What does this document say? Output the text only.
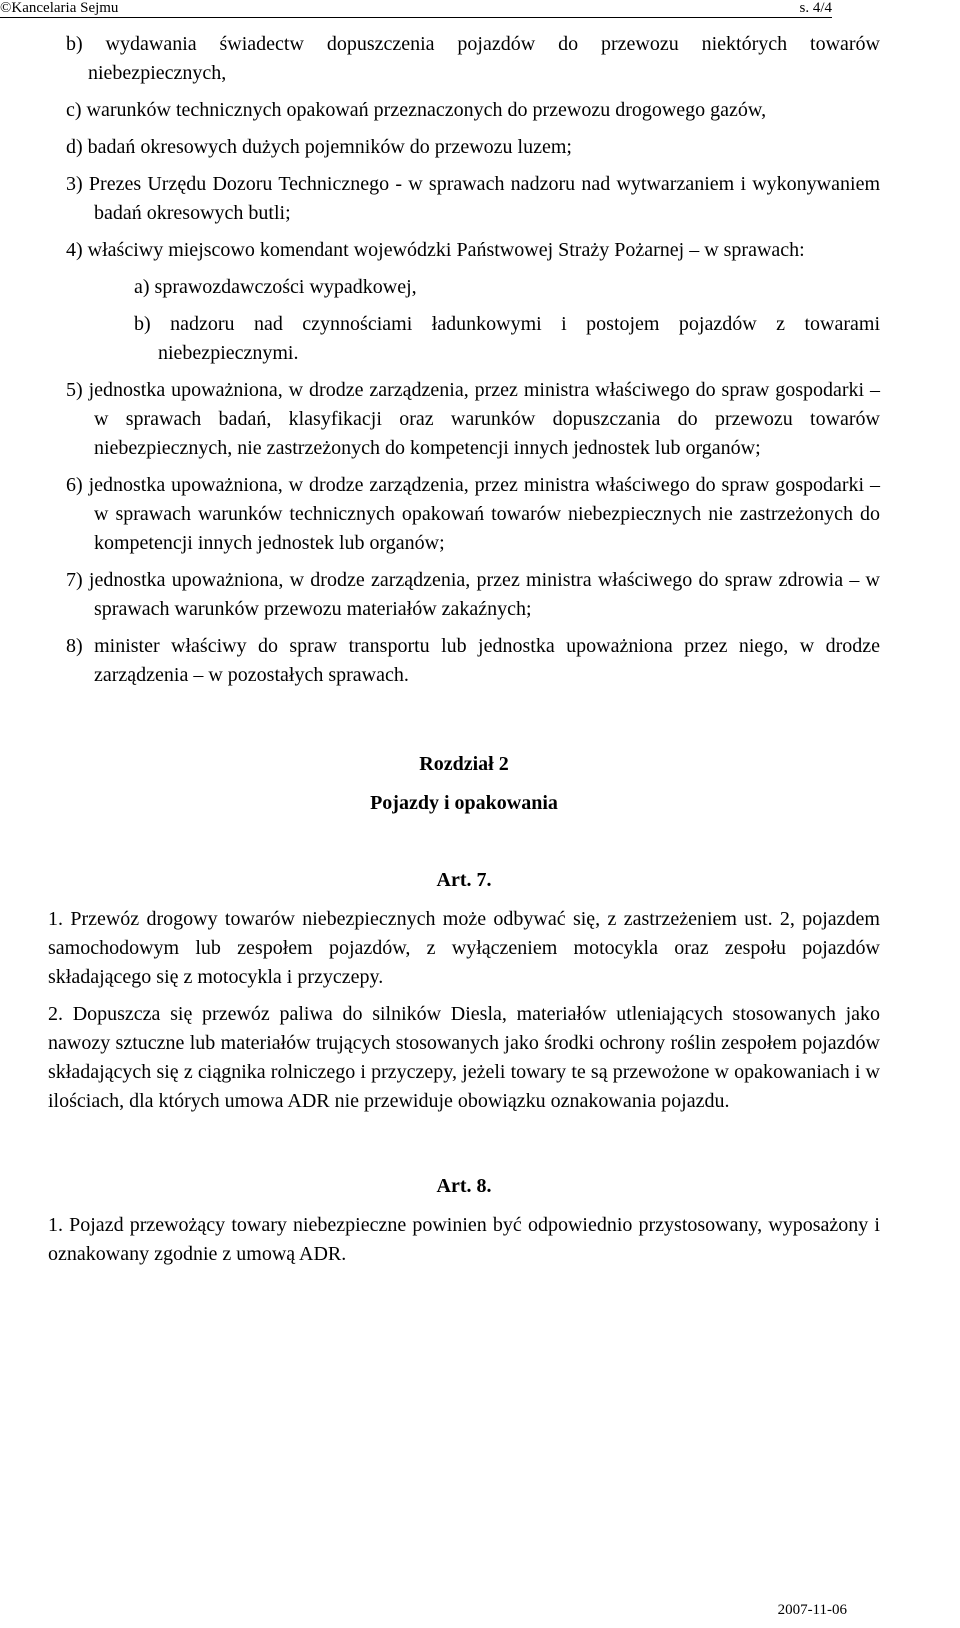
©Kancelaria Sejmu	s. 4/4

b) wydawania świadectw dopuszczenia pojazdów do przewozu niektórych towarów niebezpiecznych,

c) warunków technicznych opakowań przeznaczonych do przewozu drogowego gazów,

d) badań okresowych dużych pojemników do przewozu luzem;

3) Prezes Urzędu Dozoru Technicznego - w sprawach nadzoru nad wytwarzaniem i wykonywaniem badań okresowych butli;

4) właściwy miejscowo komendant wojewódzki Państwowej Straży Pożarnej – w sprawach:

a) sprawozdawczości wypadkowej,

b) nadzoru nad czynnościami ładunkowymi i postojem pojazdów z towarami niebezpiecznymi.

5) jednostka upoważniona, w drodze zarządzenia, przez ministra właściwego do spraw gospodarki – w sprawach badań, klasyfikacji oraz warunków dopuszczania do przewozu towarów niebezpiecznych, nie zastrzeżonych do kompetencji innych jednostek lub organów;

6) jednostka upoważniona, w drodze zarządzenia, przez ministra właściwego do spraw gospodarki – w sprawach warunków technicznych opakowań towarów niebezpiecznych nie zastrzeżonych do kompetencji innych jednostek lub organów;

7) jednostka upoważniona, w drodze zarządzenia, przez ministra właściwego do spraw zdrowia – w sprawach warunków przewozu materiałów zakaźnych;

8) minister właściwy do spraw transportu lub jednostka upoważniona przez niego, w drodze zarządzenia – w pozostałych sprawach.

Rozdział 2

Pojazdy i opakowania

Art. 7.

1. Przewóz drogowy towarów niebezpiecznych może odbywać się, z zastrzeżeniem ust. 2, pojazdem samochodowym lub zespołem pojazdów, z wyłączeniem motocykla oraz zespołu pojazdów składającego się z motocykla i przyczepy.

2. Dopuszcza się przewóz paliwa do silników Diesla, materiałów utleniających stosowanych jako nawozy sztuczne lub materiałów trujących stosowanych jako środki ochrony roślin zespołem pojazdów składających się z ciągnika rolniczego i przyczepy, jeżeli towary te są przewożone w opakowaniach i w ilościach, dla których umowa ADR nie przewiduje obowiązku oznakowania pojazdu.

Art. 8.

1. Pojazd przewożący towary niebezpieczne powinien być odpowiednio przystosowany, wyposażony i oznakowany zgodnie z umową ADR.

2007-11-06
